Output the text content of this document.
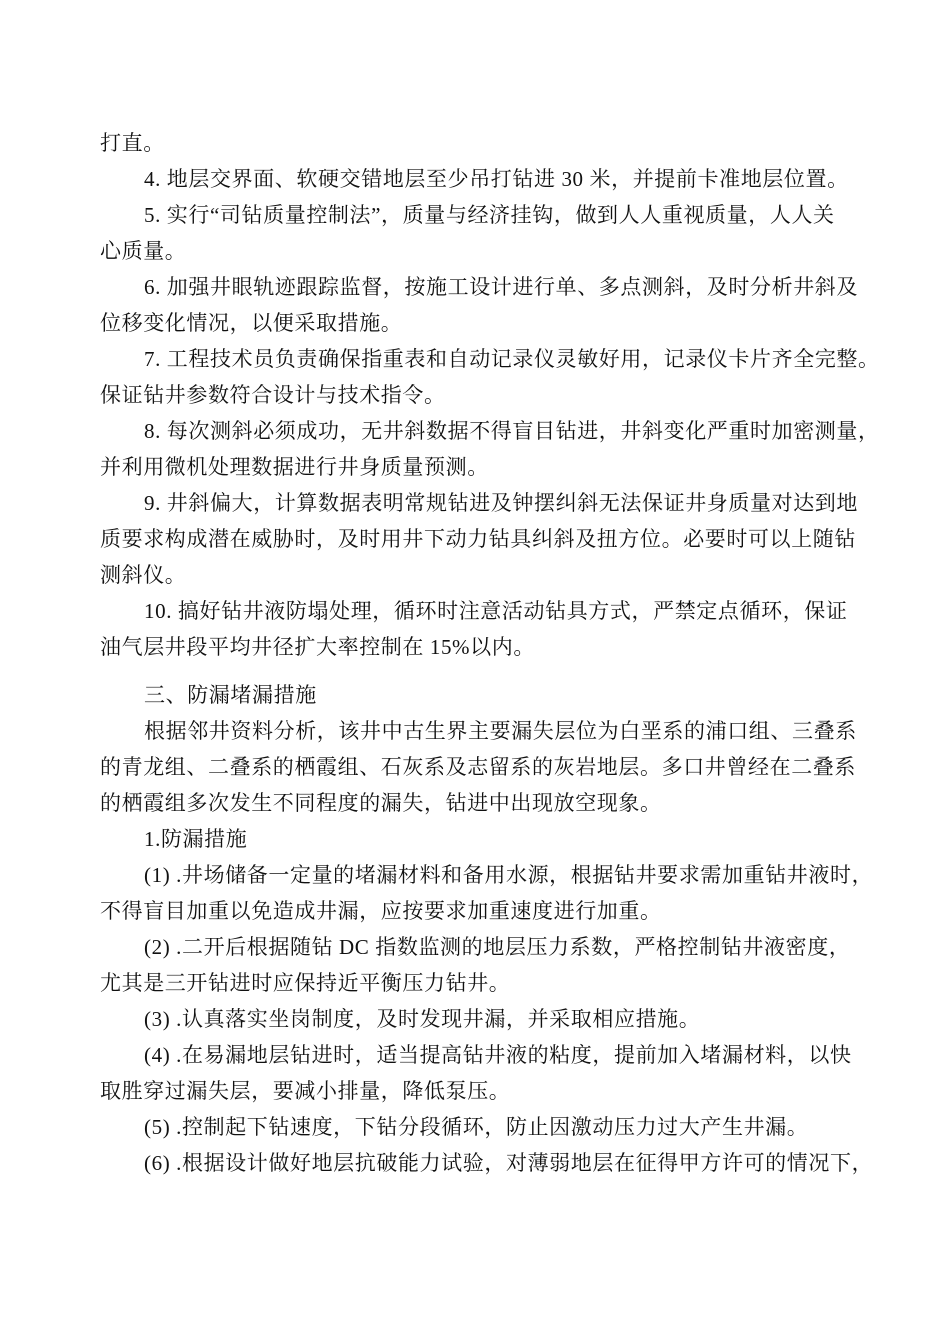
打直。
4. 地层交界面、软硬交错地层至少吊打钻进 30 米，并提前卡准地层位置。
5. 实行“司钻质量控制法”，质量与经济挂钩，做到人人重视质量，人人关
心质量。
6. 加强井眼轨迹跟踪监督，按施工设计进行单、多点测斜，及时分析井斜及
位移变化情况，以便采取措施。
7. 工程技术员负责确保指重表和自动记录仪灵敏好用，记录仪卡片齐全完整。
保证钻井参数符合设计与技术指令。
8. 每次测斜必须成功，无井斜数据不得盲目钻进，井斜变化严重时加密测量，
并利用微机处理数据进行井身质量预测。
9. 井斜偏大，计算数据表明常规钻进及钟摆纠斜无法保证井身质量对达到地
质要求构成潜在威胁时，及时用井下动力钻具纠斜及扭方位。必要时可以上随钻
测斜仪。
10. 搞好钻井液防塌处理，循环时注意活动钻具方式，严禁定点循环，保证
油气层井段平均井径扩大率控制在 15%以内。
三、防漏堵漏措施
根据邻井资料分析，该井中古生界主要漏失层位为白垩系的浦口组、三叠系
的青龙组、二叠系的栖霞组、石灰系及志留系的灰岩地层。多口井曾经在二叠系
的栖霞组多次发生不同程度的漏失，钻进中出现放空现象。
1.防漏措施
(1) .井场储备一定量的堵漏材料和备用水源，根据钻井要求需加重钻井液时，
不得盲目加重以免造成井漏，应按要求加重速度进行加重。
(2) .二开后根据随钻 DC 指数监测的地层压力系数，严格控制钻井液密度，
尤其是三开钻进时应保持近平衡压力钻井。
(3) .认真落实坐岗制度，及时发现井漏，并采取相应措施。
(4) .在易漏地层钻进时，适当提高钻井液的粘度，提前加入堵漏材料，以快
取胜穿过漏失层，要减小排量，降低泵压。
(5) .控制起下钻速度，下钻分段循环，防止因激动压力过大产生井漏。
(6) .根据设计做好地层抗破能力试验，对薄弱地层在征得甲方许可的情况下，
